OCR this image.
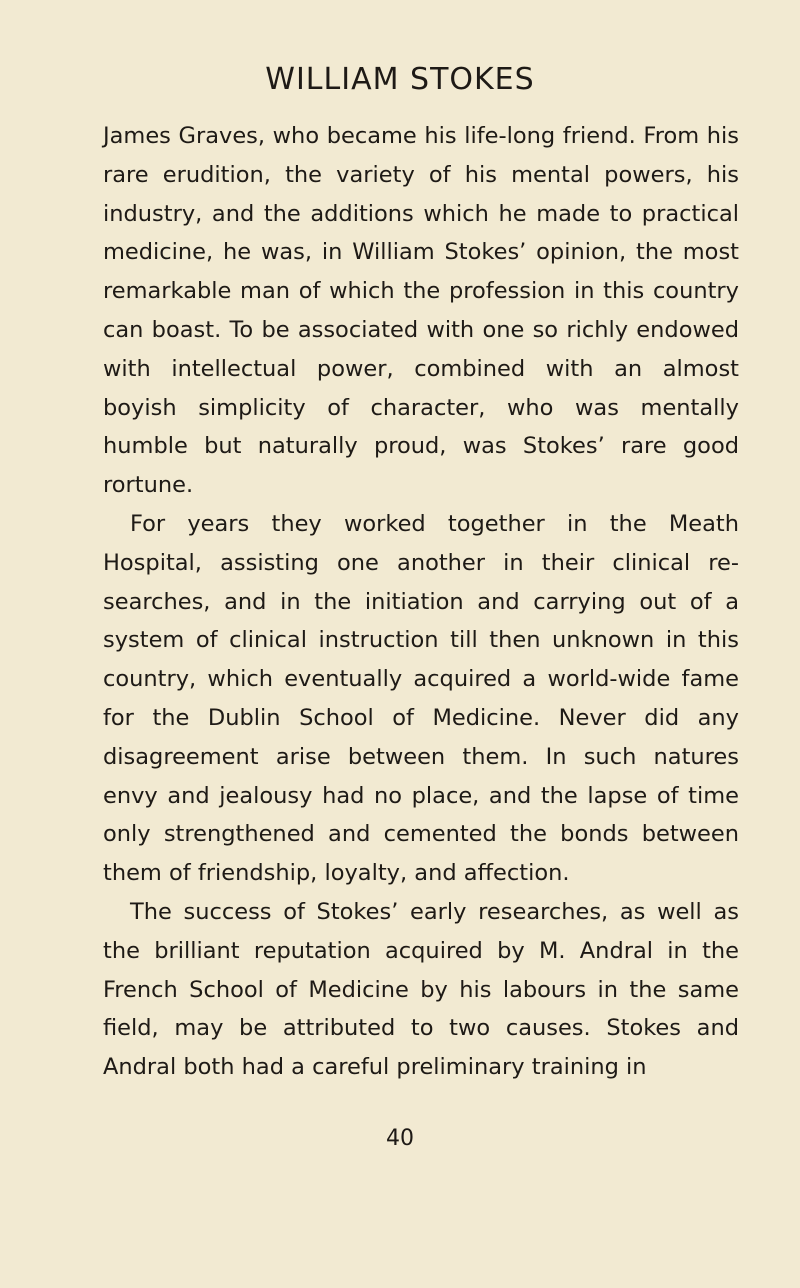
WILLIAM STOKES

James Graves, who became his life-long friend. From his rare erudition, the variety of his mental powers, his industry, and the additions which he made to practical medicine, he was, in William Stokes’ opinion, the most remarkable man of which the profession in this country can boast. To be associated with one so richly endowed with intellectual power, combined with an almost boyish simplicity of character, who was mentally humble but naturally proud, was Stokes’ rare good rortune.

For years they worked together in the Meath Hospital, assisting one another in their clinical re- searches, and in the initiation and carrying out of a system of clinical instruction till then unknown in this country, which eventually acquired a world-wide fame for the Dublin School of Medicine. Never did any disagreement arise between them. In such natures envy and jealousy had no place, and the lapse of time only strengthened and cemented the bonds between them of friendship, loyalty, and affection.

The success of Stokes’ early researches, as well as the brilliant reputation acquired by M. Andral in the French School of Medicine by his labours in the same field, may be attributed to two causes. Stokes and Andral both had a careful preliminary training in

40
